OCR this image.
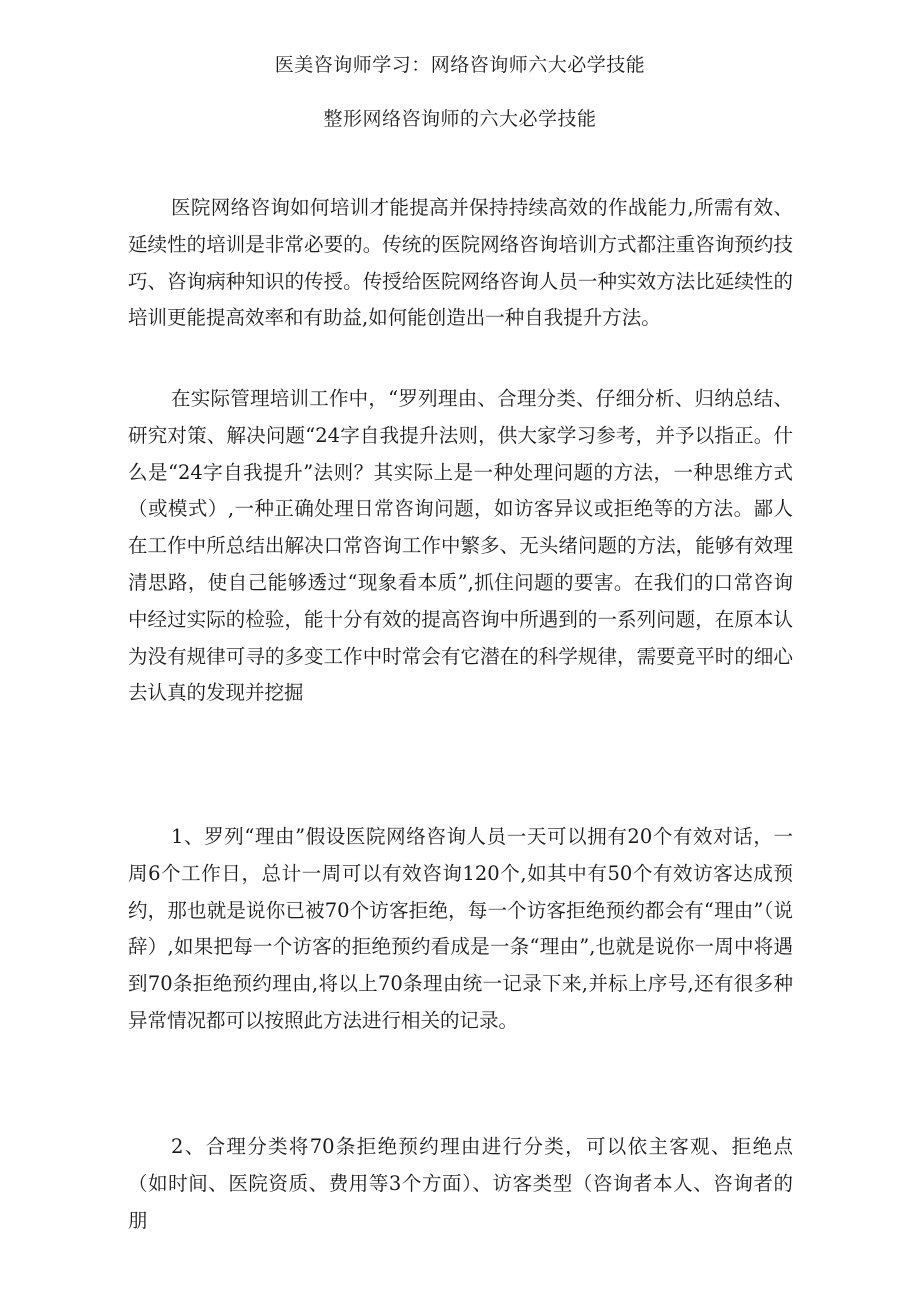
医美咨询师学习：网络咨询师六大必学技能
整形网络咨询师的六大必学技能

医院网络咨询如何培训才能提高并保持持续高效的作战能力,所需有效、延续性的培训是非常必要的。传统的医院网络咨询培训方式都注重咨询预约技巧、咨询病种知识的传授。传授给医院网络咨询人员一种实效方法比延续性的培训更能提高效率和有助益,如何能创造出一种自我提升方法。

在实际管理培训工作中，“罗列理由、合理分类、仔细分析、归纳总结、研究对策、解决问题“24字自我提升法则，供大家学习参考，并予以指正。什么是“24字自我提升”法则？其实际上是一种处理问题的方法，一种思维方式（或模式）,一种正确处理日常咨询问题，如访客异议或拒绝等的方法。鄙人在工作中所总结出解决口常咨询工作中繁多、无头绪问题的方法，能够有效理清思路，使自己能够透过“现象看本质”,抓住问题的要害。在我们的口常咨询中经过实际的检验，能十分有效的提高咨询中所遇到的一系列问题，在原本认为没有规律可寻的多变工作中时常会有它潜在的科学规律，需要竟平时的细心去认真的发现并挖掘

1、罗列“理由”假设医院网络咨询人员一天可以拥有20个有效对话，一周6个工作日，总计一周可以有效咨询120个,如其中有50个有效访客达成预约，那也就是说你已被70个访客拒绝，每一个访客拒绝预约都会有“理由”（说辞）,如果把每一个访客的拒绝预约看成是一条“理由”,也就是说你一周中将遇到70条拒绝预约理由,将以上70条理由统一记录下来,并标上序号,还有很多种异常情况都可以按照此方法进行相关的记录。

2、合理分类将70条拒绝预约理由进行分类，可以依主客观、拒绝点（如时间、医院资质、费用等3个方面）、访客类型（咨询者本人、咨询者的朋
